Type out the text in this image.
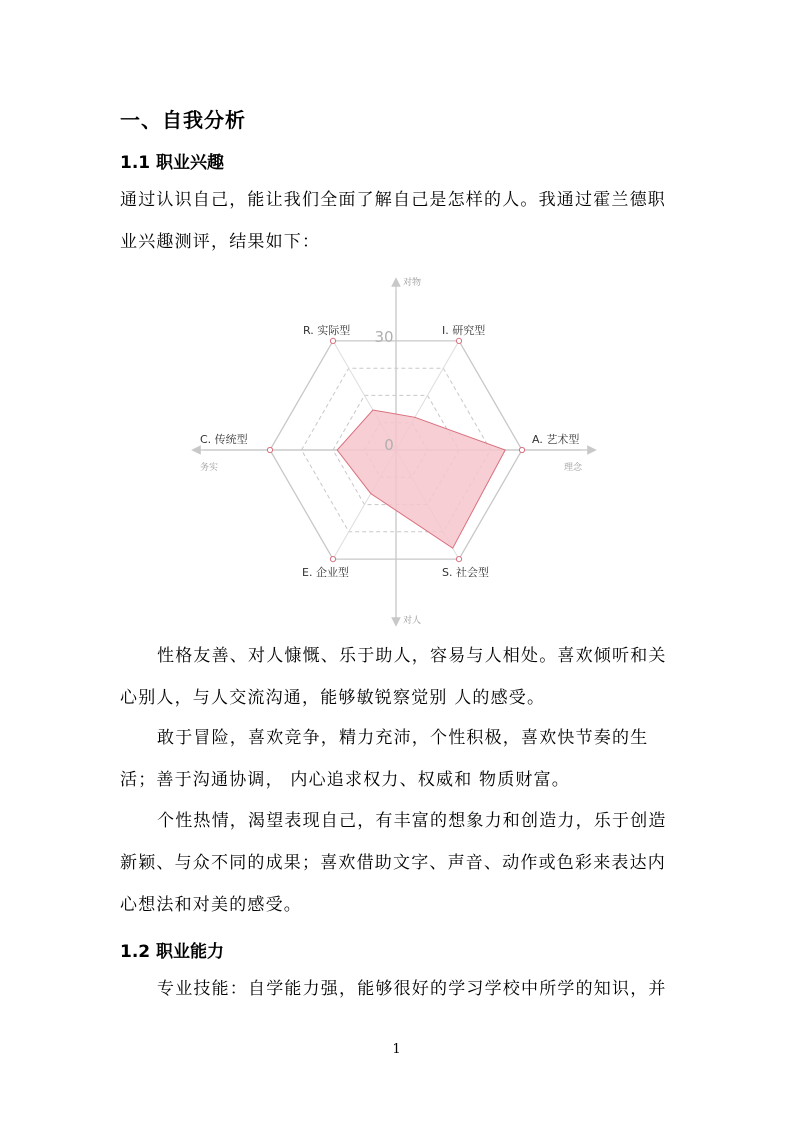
一、自我分析
1.1 职业兴趣

通过认识自己，能让我们全面了解自己是怎样的人。我通过霍兰德职业兴趣测评，结果如下：

30
0
I. 研究型
A. 艺术型
S. 社会型
E. 企业型
C. 传统型
R. 实际型
对物
对人
务实	理念

性格友善、对人慷慨、乐于助人，容易与人相处。喜欢倾听和关心别人，与人交流沟通，能够敏锐察觉别 人的感受。

敢于冒险，喜欢竞争，精力充沛，个性积极，喜欢快节奏的生活；善于沟通协调， 内心追求权力、权威和 物质财富。

个性热情，渴望表现自己，有丰富的想象力和创造力，乐于创造新颖、与众不同的成果；喜欢借助文字、声音、动作或色彩来表达内心想法和对美的感受。

1.2 职业能力

专业技能：自学能力强，能够很好的学习学校中所学的知识，并

1
